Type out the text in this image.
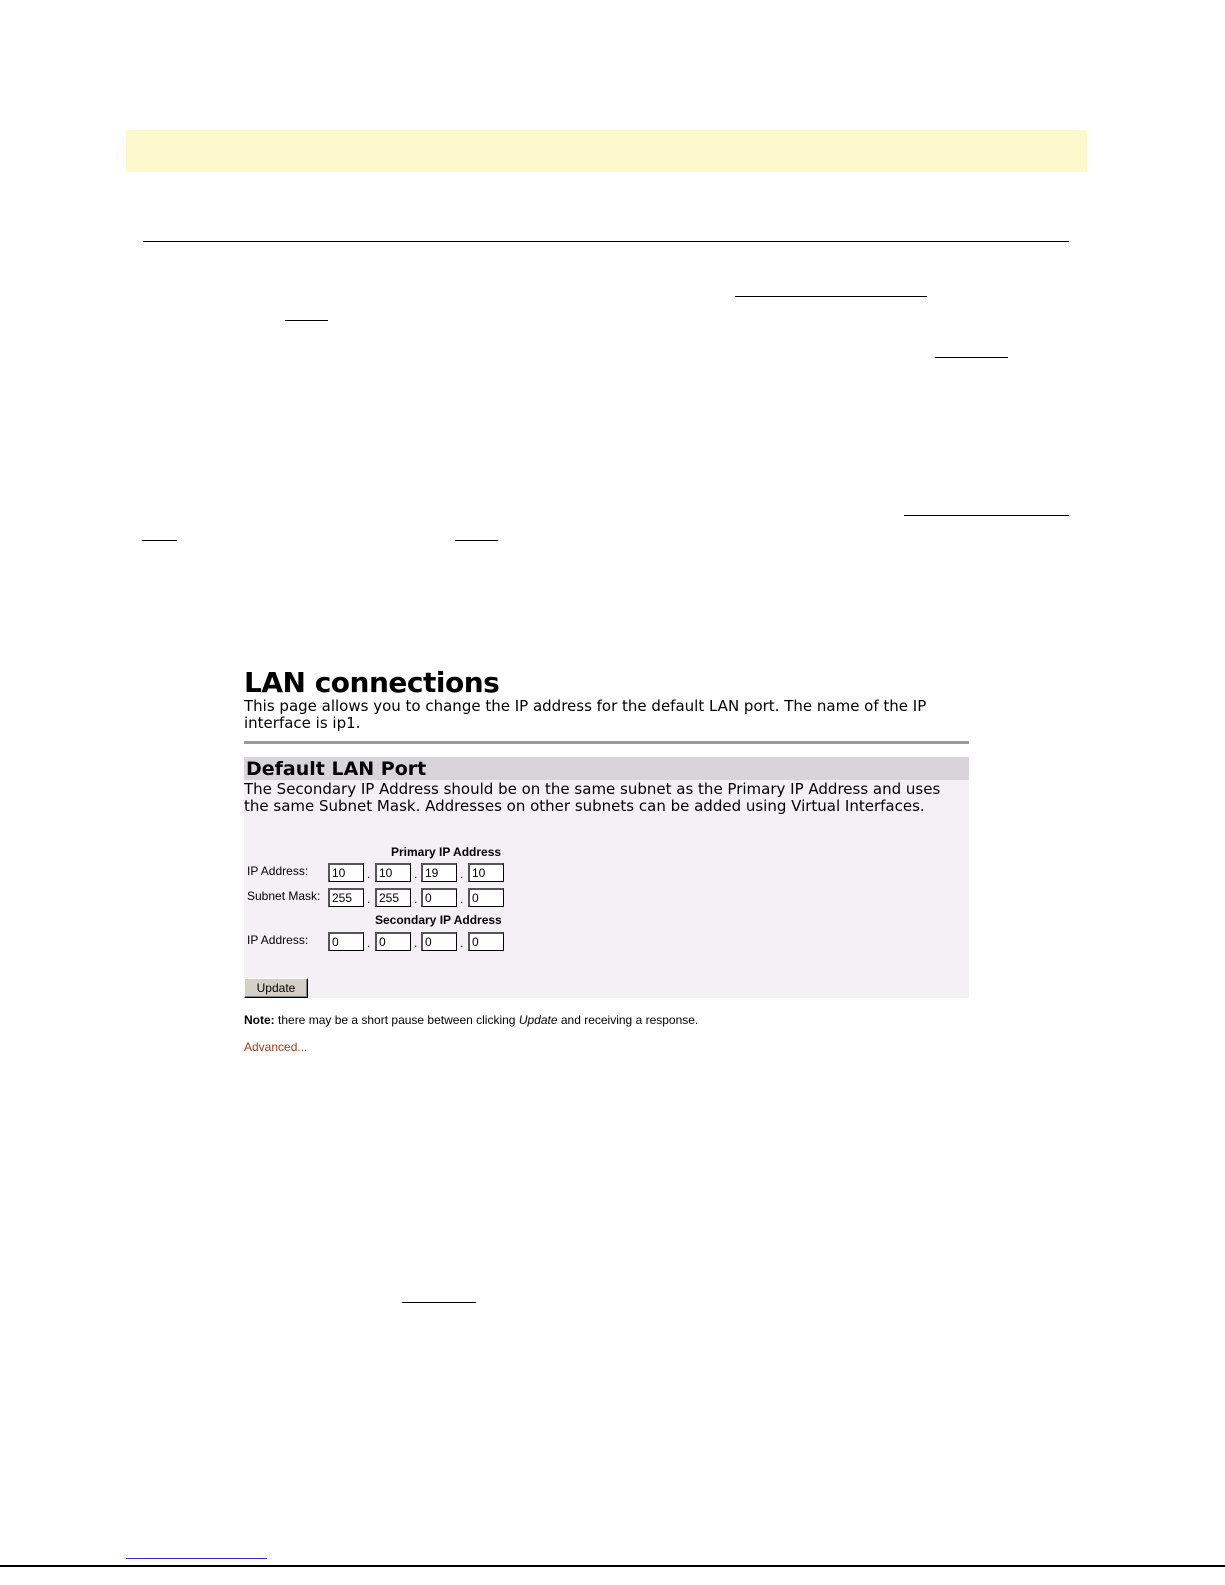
LAN connections
This page allows you to change the IP address for the default LAN port. The name of the IP interface is ip1.
Default LAN Port
The Secondary IP Address should be on the same subnet as the Primary IP Address and uses the same Subnet Mask. Addresses on other subnets can be added using Virtual Interfaces.
Primary IP Address
IP Address:	10	. 10	. 19	. 10
Subnet Mask: 255	. 255	. 0	. 0
Secondary IP Address
IP Address:	0	. 0	. 0	. 0
Update
Note: there may be a short pause between clicking Update and receiving a response.
Advanced...
